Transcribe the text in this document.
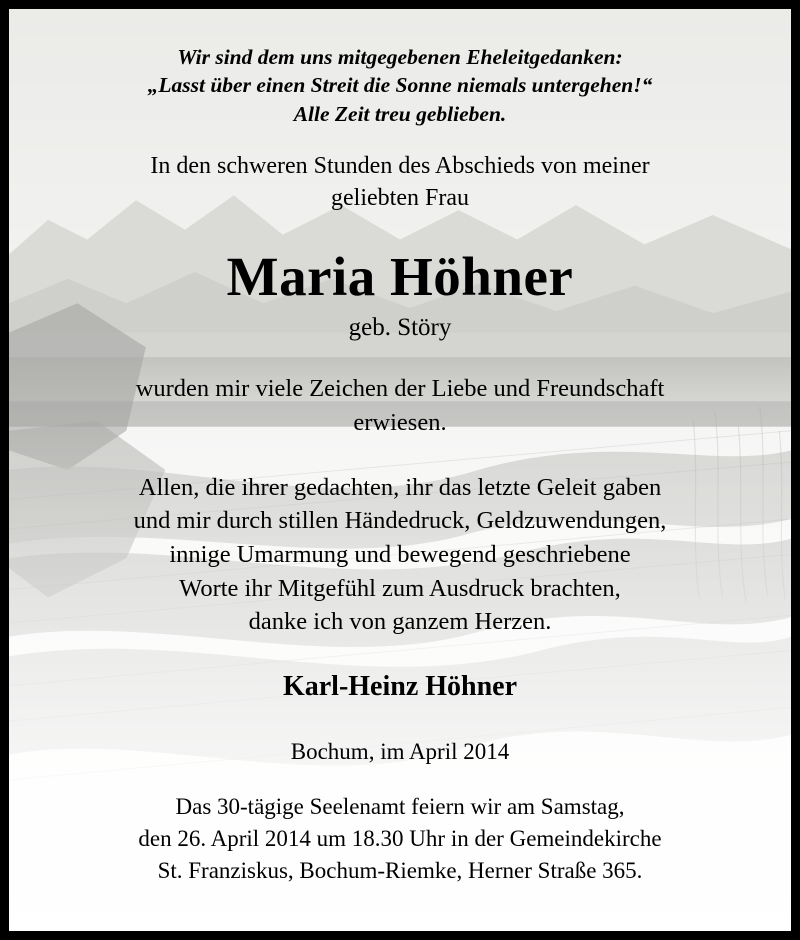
Wir sind dem uns mitgegebenen Eheleitgedanken:
„Lasst über einen Streit die Sonne niemals untergehen!“
Alle Zeit treu geblieben.
In den schweren Stunden des Abschieds von meiner
geliebten Frau
Maria Höhner
geb. Störy
wurden mir viele Zeichen der Liebe und Freundschaft
erwiesen.
Allen, die ihrer gedachten, ihr das letzte Geleit gaben
und mir durch stillen Händedruck, Geldzuwendungen,
innige Umarmung und bewegend geschriebene
Worte ihr Mitgefühl zum Ausdruck brachten,
danke ich von ganzem Herzen.
Karl-Heinz Höhner
Bochum, im April 2014
Das 30-tägige Seelenamt feiern wir am Samstag,
den 26. April 2014 um 18.30 Uhr in der Gemeindekirche
St. Franziskus, Bochum-Riemke, Herner Straße 365.
